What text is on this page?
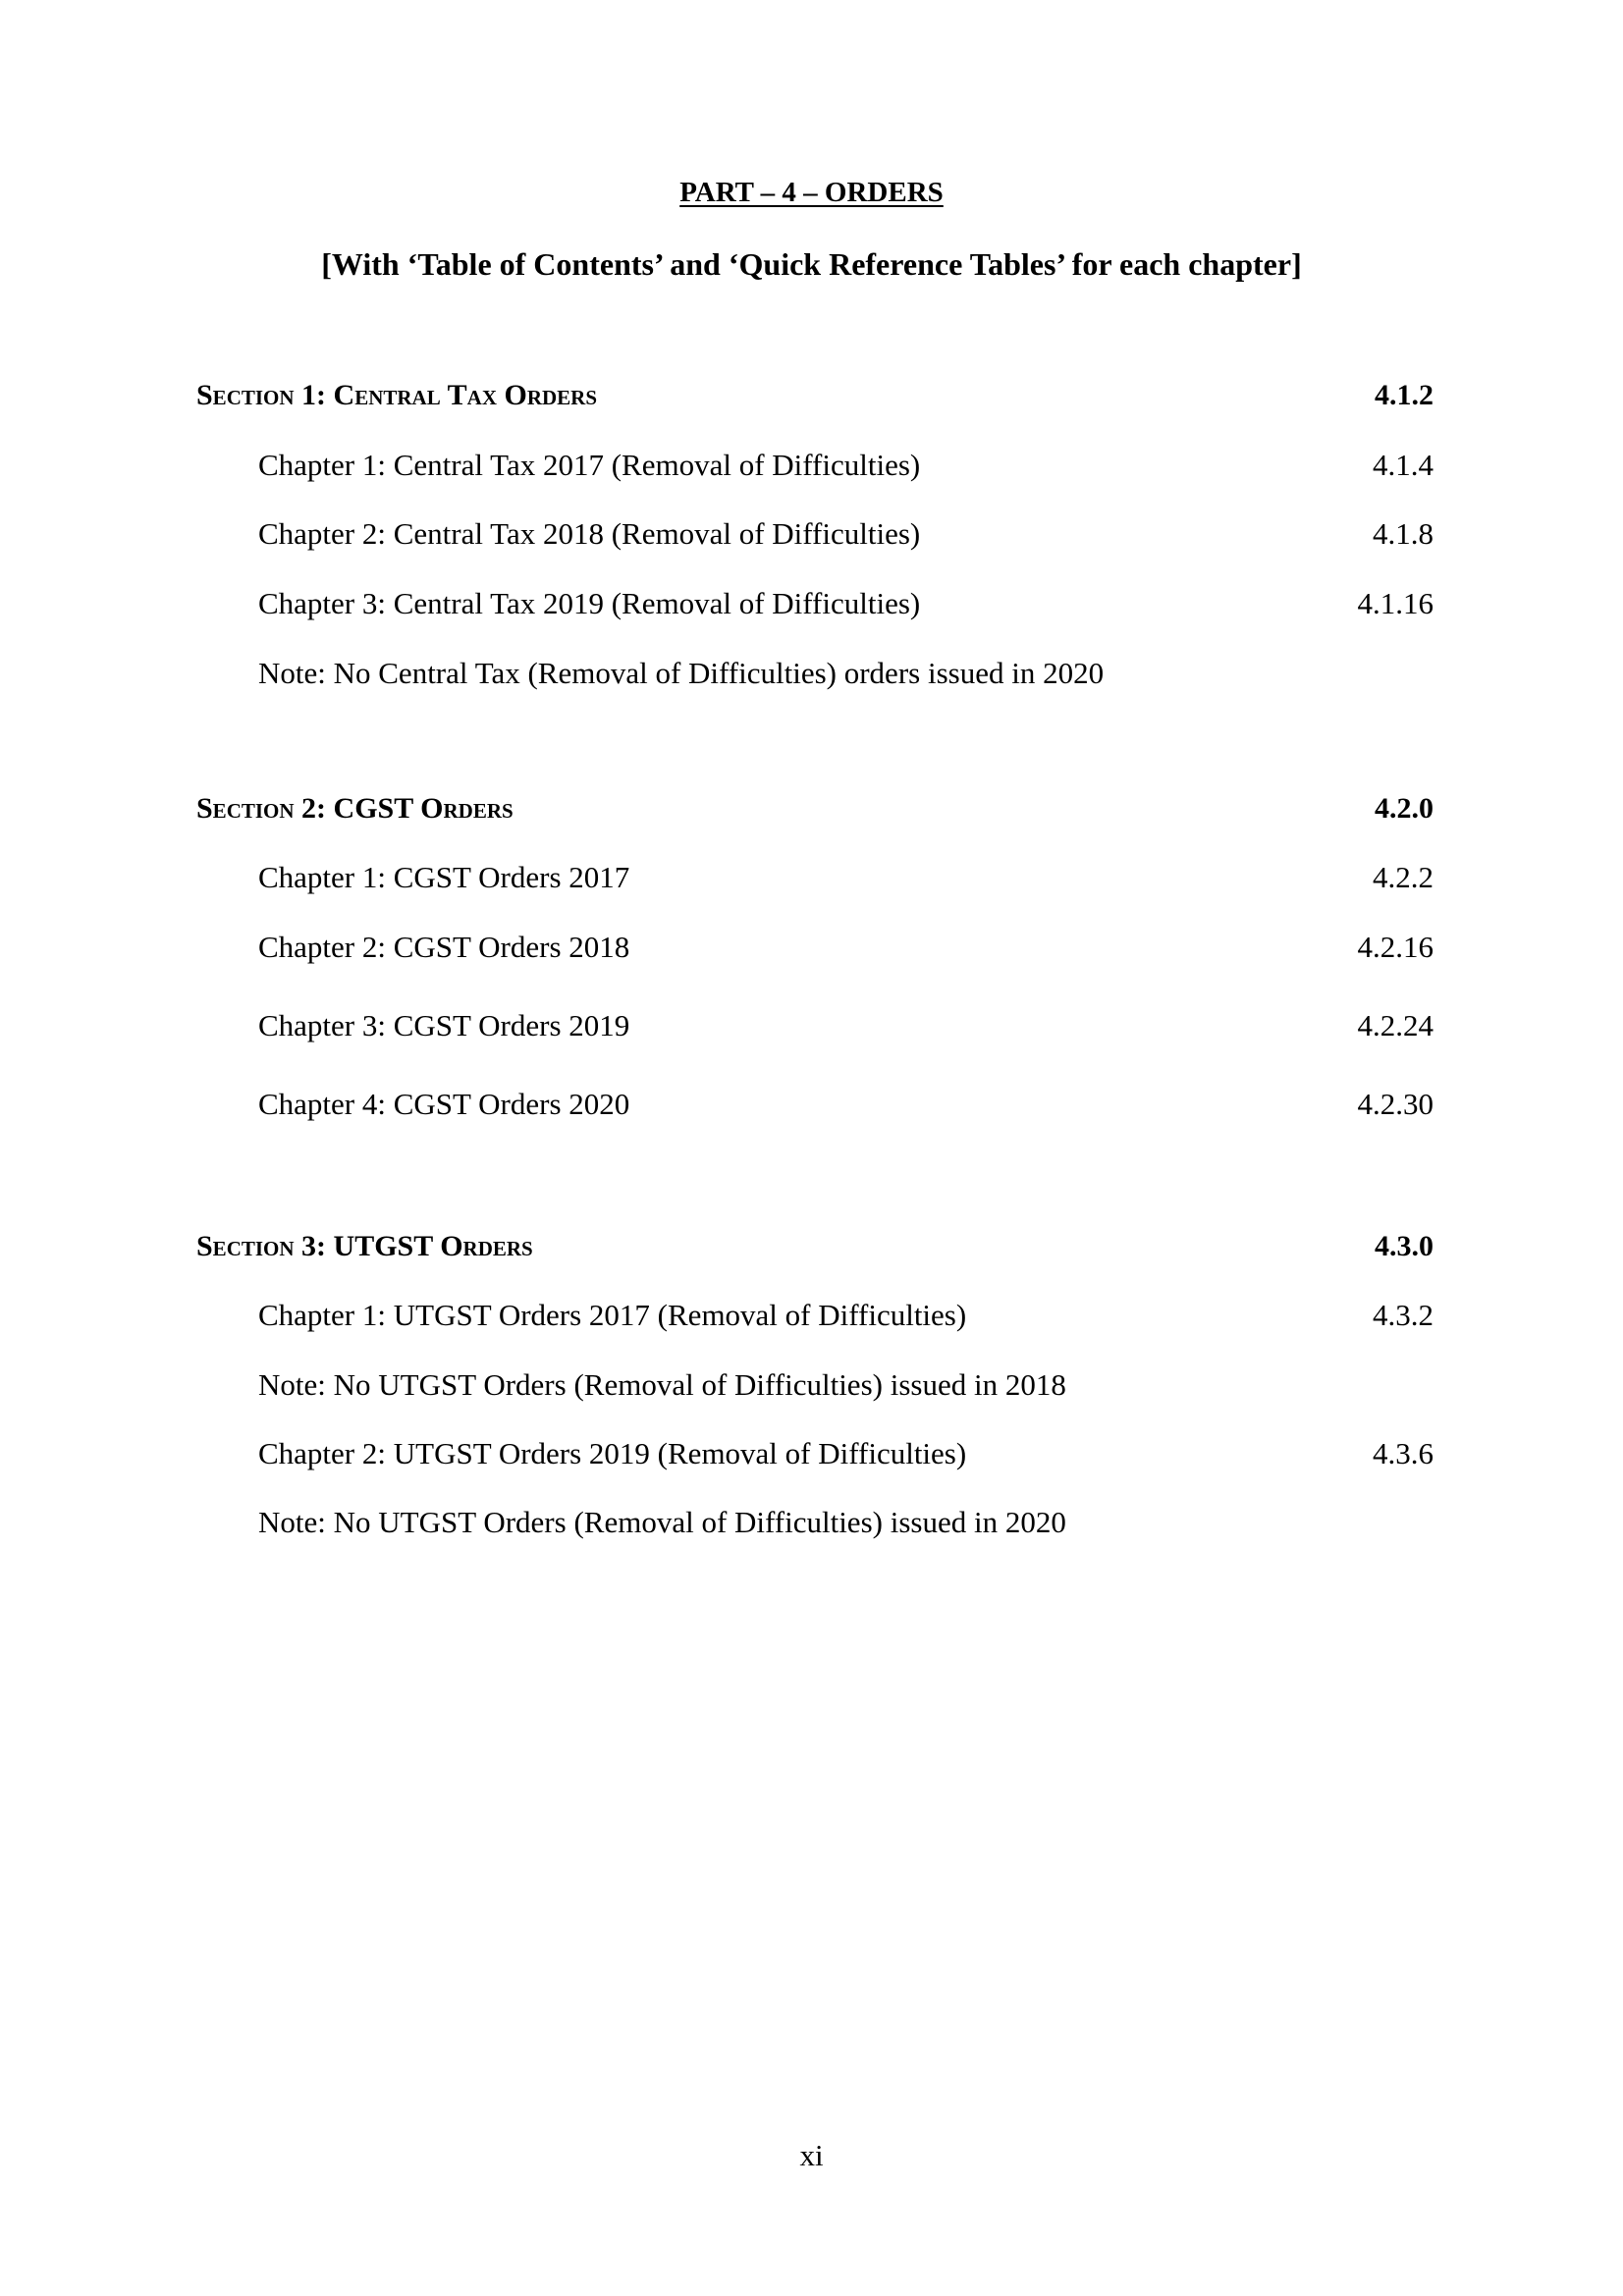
PART – 4 – ORDERS
[With ‘Table of Contents’ and ‘Quick Reference Tables’ for each chapter]
Section 1: Central Tax Orders	4.1.2
Chapter 1: Central Tax 2017 (Removal of Difficulties)	4.1.4
Chapter 2: Central Tax 2018 (Removal of Difficulties)	4.1.8
Chapter 3: Central Tax 2019 (Removal of Difficulties)	4.1.16
Note: No Central Tax (Removal of Difficulties) orders issued in 2020
Section 2: CGST Orders	4.2.0
Chapter 1: CGST Orders 2017	4.2.2
Chapter 2: CGST Orders 2018	4.2.16
Chapter 3: CGST Orders 2019	4.2.24
Chapter 4: CGST Orders 2020	4.2.30
Section 3: UTGST Orders	4.3.0
Chapter 1: UTGST Orders 2017 (Removal of Difficulties)	4.3.2
Note: No UTGST Orders (Removal of Difficulties) issued in 2018
Chapter 2: UTGST Orders 2019 (Removal of Difficulties)	4.3.6
Note: No UTGST Orders (Removal of Difficulties) issued in 2020
xi
